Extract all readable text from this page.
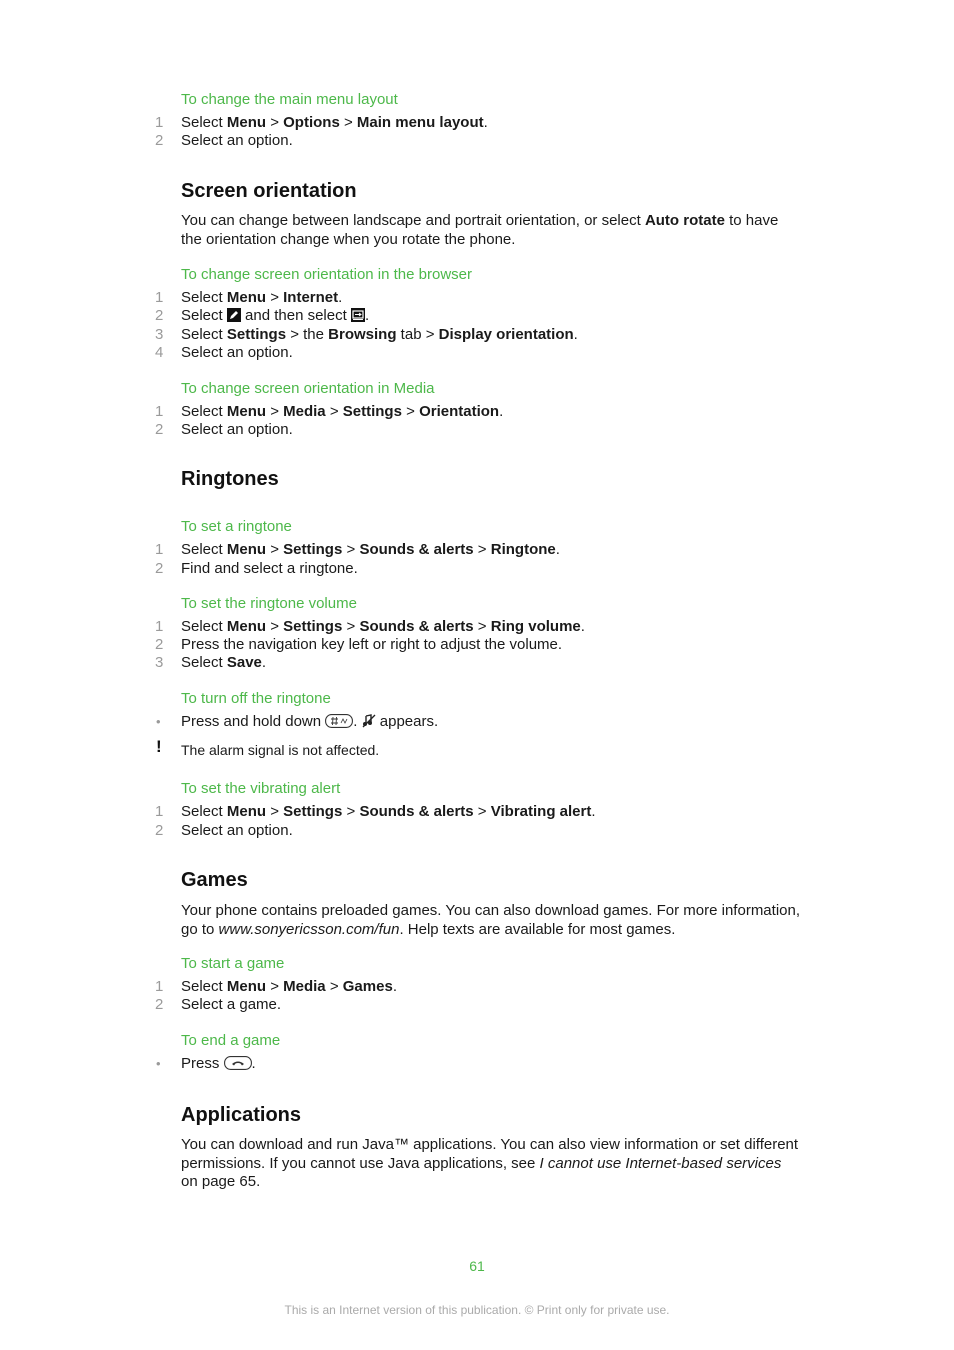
To change the main menu layout
1 Select Menu > Options > Main menu layout.
2 Select an option.
Screen orientation
You can change between landscape and portrait orientation, or select Auto rotate to have the orientation change when you rotate the phone.
To change screen orientation in the browser
1 Select Menu > Internet.
2 Select  and then select .
3 Select Settings > the Browsing tab > Display orientation.
4 Select an option.
To change screen orientation in Media
1 Select Menu > Media > Settings > Orientation.
2 Select an option.
Ringtones
To set a ringtone
1 Select Menu > Settings > Sounds & alerts > Ringtone.
2 Find and select a ringtone.
To set the ringtone volume
1 Select Menu > Settings > Sounds & alerts > Ring volume.
2 Press the navigation key left or right to adjust the volume.
3 Select Save.
To turn off the ringtone
• Press and hold down .  appears.
! The alarm signal is not affected.
To set the vibrating alert
1 Select Menu > Settings > Sounds & alerts > Vibrating alert.
2 Select an option.
Games
Your phone contains preloaded games. You can also download games. For more information, go to www.sonyericsson.com/fun. Help texts are available for most games.
To start a game
1 Select Menu > Media > Games.
2 Select a game.
To end a game
• Press .
Applications
You can download and run Java™ applications. You can also view information or set different permissions. If you cannot use Java applications, see I cannot use Internet-based services on page 65.
61
This is an Internet version of this publication. © Print only for private use.
